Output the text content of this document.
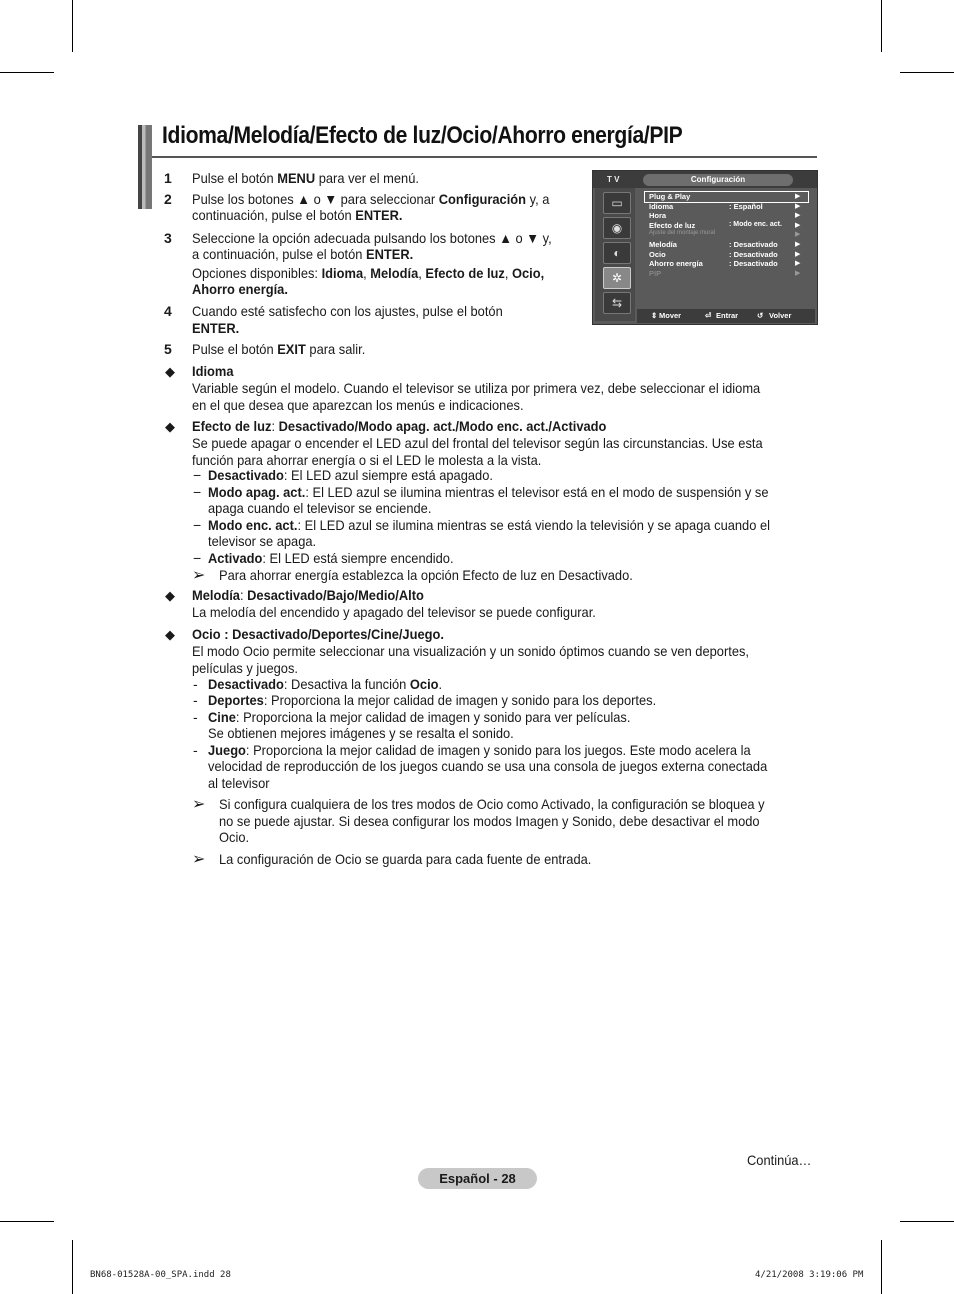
Idioma/Melodía/Efecto de luz/Ocio/Ahorro energía/PIP
T V	Configuración
▭
◉
◐
✲
⇆
Mover
⇕	Entrar
⏎	Volver
↺
Plug & Play	▶
Idioma	: Español	▶
Hora	▶
Efecto de luz	: Modo enc. act. ▶
Ajuste del montaje mural	▶
Melodía	: Desactivado ▶
Ocio	: Desactivado ▶
Ahorro energía	: Desactivado ▶
PIP	▶
Continúa…
Español - 28
BN68-01528A-00_SPA.indd 28	4/21/2008 3:19:06 PM
1 Pulse el botón MENU para ver el menú.
2 Pulse los botones ▲ o ▼ para seleccionar Configuración y, a
continuación, pulse el botón ENTER.
3 Seleccione la opción adecuada pulsando los botones ▲ o ▼ y,
a continuación, pulse el botón ENTER.
4 Cuando esté satisfecho con los ajustes, pulse el botón
ENTER.
5 Pulse el botón EXIT para salir.
Opciones disponibles: Idioma, Melodía, Efecto de luz, Ocio,
Ahorro energía.
◆ Idioma
Variable según el modelo. Cuando el televisor se utiliza por primera vez, debe seleccionar el idioma
en el que desea que aparezcan los menús e indicaciones.
◆ Efecto de luz: Desactivado/Modo apag. act./Modo enc. act./Activado
Se puede apagar o encender el LED azul del frontal del televisor según las circunstancias. Use esta
función para ahorrar energía o si el LED le molesta a la vista.
◆ Melodía: Desactivado/Bajo/Medio/Alto
La melodía del encendido y apagado del televisor se puede configurar.
◆ Ocio : Desactivado/Deportes/Cine/Juego.
El modo Ocio permite seleccionar una visualización y un sonido óptimos cuando se ven deportes,
películas y juegos.
− Desactivado: El LED azul siempre está apagado.
− Modo apag. act.: El LED azul se ilumina mientras el televisor está en el modo de suspensión y se
apaga cuando el televisor se enciende.
− Modo enc. act.: El LED azul se ilumina mientras se está viendo la televisión y se apaga cuando el
televisor se apaga.
− Activado: El LED está siempre encendido.
➢ Para ahorrar energía establezca la opción Efecto de luz en Desactivado.
- Desactivado: Desactiva la función Ocio.
- Deportes: Proporciona la mejor calidad de imagen y sonido para los deportes.
- Cine: Proporciona la mejor calidad de imagen y sonido para ver películas.
Se obtienen mejores imágenes y se resalta el sonido.
- Juego: Proporciona la mejor calidad de imagen y sonido para los juegos. Este modo acelera la
velocidad de reproducción de los juegos cuando se usa una consola de juegos externa conectada
al televisor
➢ Si configura cualquiera de los tres modos de Ocio como Activado, la configuración se bloquea y
no se puede ajustar. Si desea configurar los modos Imagen y Sonido, debe desactivar el modo
Ocio.
➢ La configuración de Ocio se guarda para cada fuente de entrada.
